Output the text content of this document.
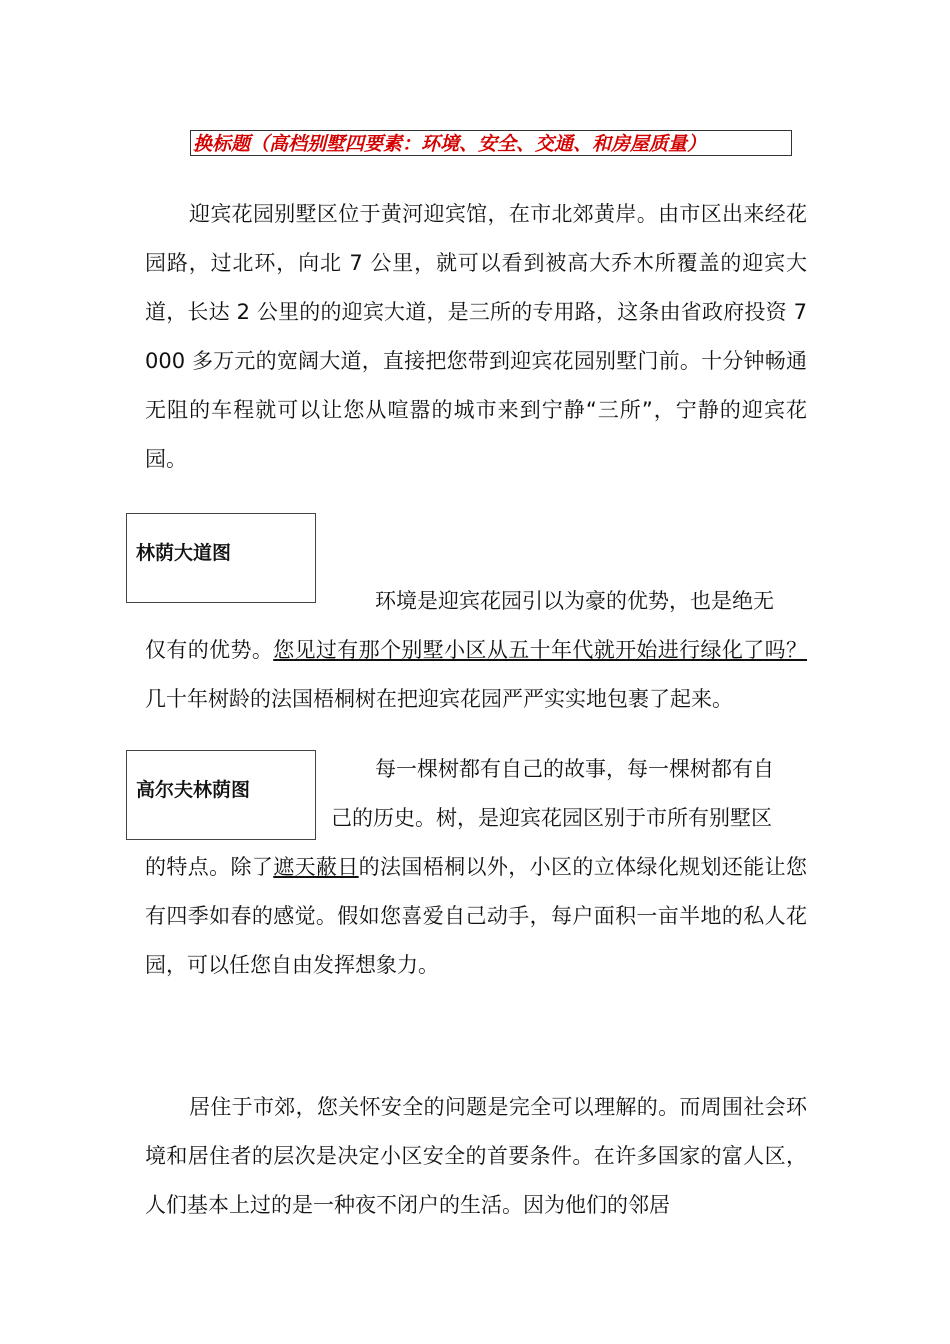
换标题（高档别墅四要素：环境、安全、交通、和房屋质量）

迎宾花园别墅区位于黄河迎宾馆，在市北郊黄岸。由市区出来经花园路，过北环，向北 7 公里，就可以看到被高大乔木所覆盖的迎宾大道，长达 2 公里的的迎宾大道，是三所的专用路，这条由省政府投资 7000 多万元的宽阔大道，直接把您带到迎宾花园别墅门前。十分钟畅通无阻的车程就可以让您从喧嚣的城市来到宁静“三所”，宁静的迎宾花园。

林荫大道图

环境是迎宾花园引以为豪的优势，也是绝无
仅有的优势。您见过有那个别墅小区从五十年代就开始进行绿化了吗？几十年树龄的法国梧桐树在把迎宾花园严严实实地包裹了起来。

高尔夫林荫图

每一棵树都有自己的故事，每一棵树都有自
己的历史。树，是迎宾花园区别于市所有别墅区
的特点。除了遮天蔽日的法国梧桐以外，小区的立体绿化规划还能让您有四季如春的感觉。假如您喜爱自己动手，每户面积一亩半地的私人花园，可以任您自由发挥想象力。

居住于市郊，您关怀安全的问题是完全可以理解的。而周围社会环境和居住者的层次是决定小区安全的首要条件。在许多国家的富人区，人们基本上过的是一种夜不闭户的生活。因为他们的邻居
